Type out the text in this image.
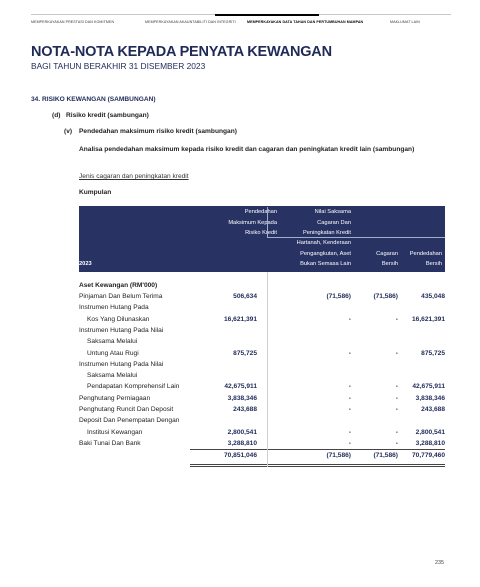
MEMPERKAYAKAN PRESTASI DAN KOMITMEN	MEMPERKAYAKAN AKAUNTABILITI DAN INTEGRITI	MEMPERKAYAKAN DATA TAHAN DAN PERTUMBUHAN MAMPAN	MAKLUMAT LAIN
NOTA-NOTA KEPADA PENYATA KEWANGAN
BAGI TAHUN BERAKHIR 31 DISEMBER 2023
34. RISIKO KEWANGAN (SAMBUNGAN)
(d) Risiko kredit (sambungan)
(v) Pendedahan maksimum risiko kredit (sambungan)
Analisa pendedahan maksimum kepada risiko kredit dan cagaran dan peningkatan kredit lain (sambungan)
Jenis cagaran dan peningkatan kredit
Kumpulan
Pendedahan
Maksimum Kepada
Risiko Kredit
Nilai Saksama
Cagaran Dan
Peningkatan Kredit
Hartanah, Kenderaan
Pengangkutan, Aset
Bukan Semasa Lain
Cagaran
Bersih
Pendedahan
Bersih
2023
Aset Kewangan (RM'000)
Pinjaman Dan Belum Terima	506,634	(71,586)	(71,586)	435,048
Instrumen Hutang Pada
Kos Yang Dilunaskan	16,621,391	-	- 16,621,391
Instrumen Hutang Pada Nilai
Saksama Melalui
Untung Atau Rugi	875,725	-	-	875,725
Instrumen Hutang Pada Nilai
Saksama Melalui
Pendapatan Komprehensif Lain	42,675,911	-	- 42,675,911
Penghutang Perniagaan	3,838,346	-	-	3,838,346
Penghutang Runcit Dan Deposit	243,688	-	-	243,688
Deposit Dan Penempatan Dengan
Institusi Kewangan	2,800,541	-	-	2,800,541
Baki Tunai Dan Bank	3,288,810	-	-	3,288,810
70,851,046	(71,586)	(71,586) 70,779,460
235
